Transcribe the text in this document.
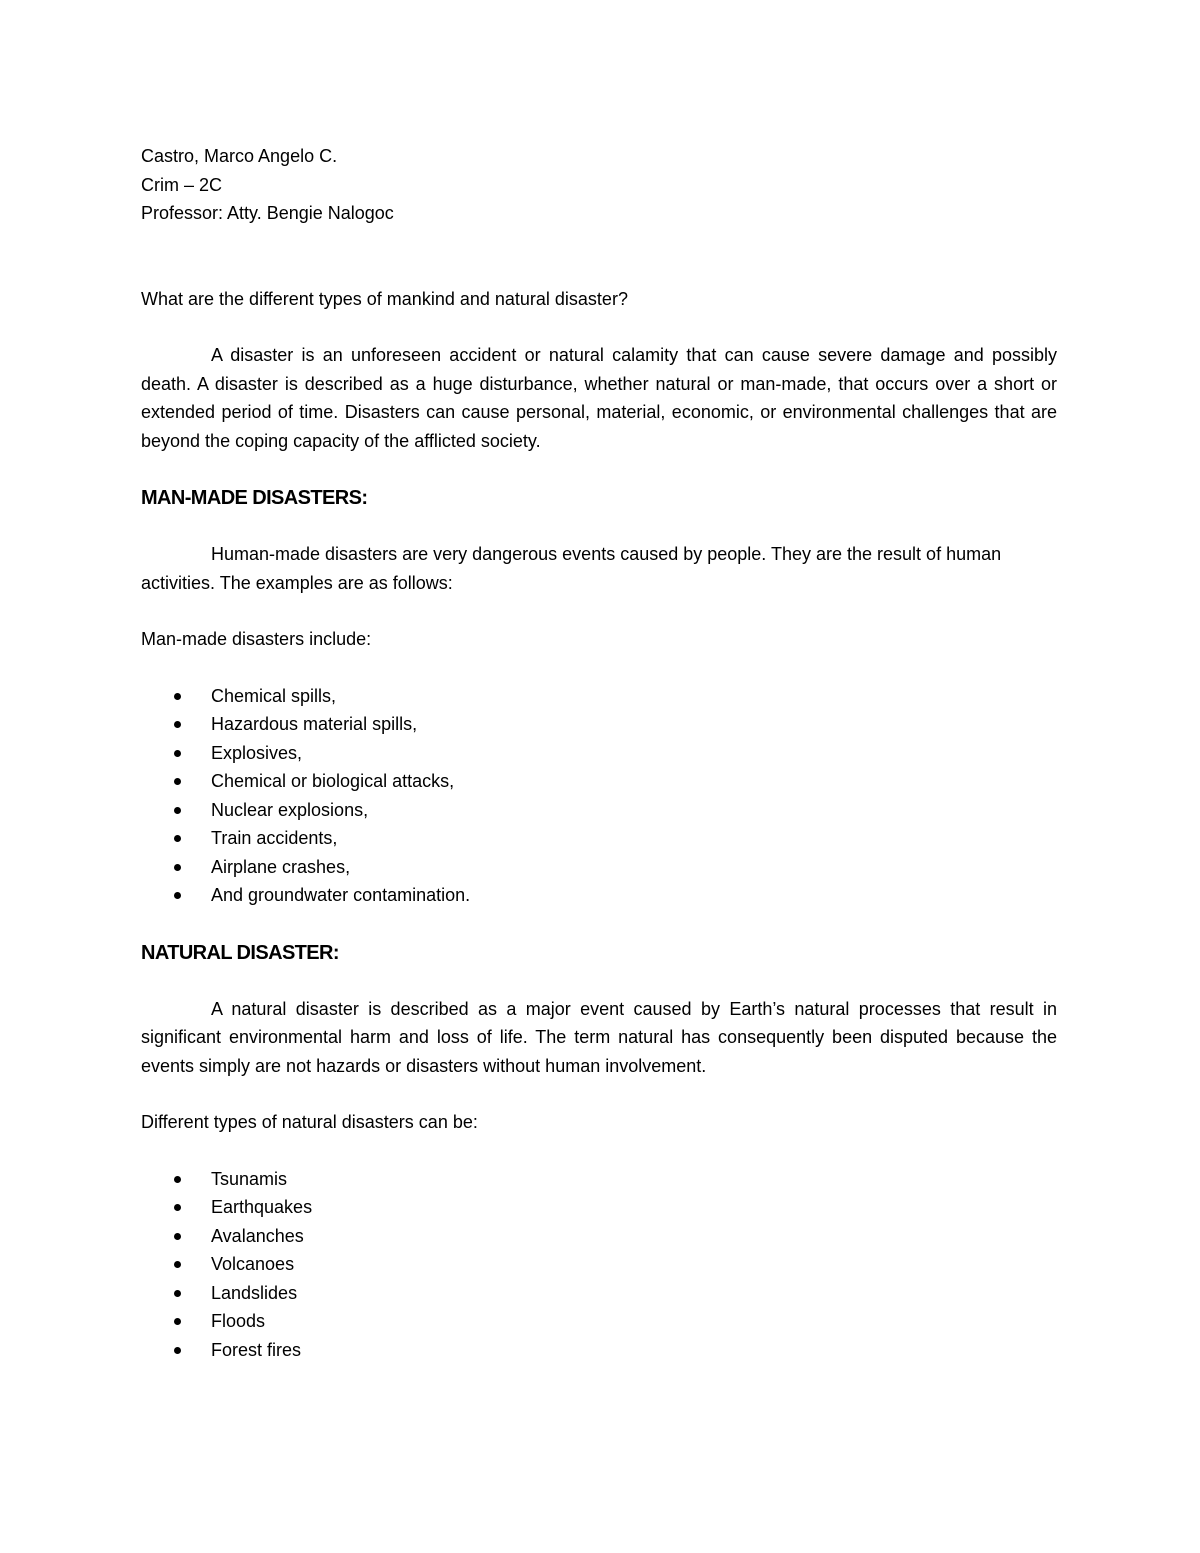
Castro, Marco Angelo C.

Crim – 2C

Professor: Atty. Bengie Nalogoc

What are the different types of mankind and natural disaster?

A disaster is an unforeseen accident or natural calamity that can cause severe damage and possibly death. A disaster is described as a huge disturbance, whether natural or man-made, that occurs over a short or extended period of time. Disasters can cause personal, material, economic, or environmental challenges that are beyond the coping capacity of the afflicted society.

MAN-MADE DISASTERS:

Human-made disasters are very dangerous events caused by people. They are the result of human activities. The examples are as follows:

Man-made disasters include:

Chemical spills,
Hazardous material spills,
Explosives,
Chemical or biological attacks,
Nuclear explosions,
Train accidents,
Airplane crashes,
And groundwater contamination.
NATURAL DISASTER:

A natural disaster is described as a major event caused by Earth’s natural processes that result in significant environmental harm and loss of life. The term natural has consequently been disputed because the events simply are not hazards or disasters without human involvement.

Different types of natural disasters can be:

Tsunamis
Earthquakes
Avalanches
Volcanoes
Landslides
Floods
Forest fires
